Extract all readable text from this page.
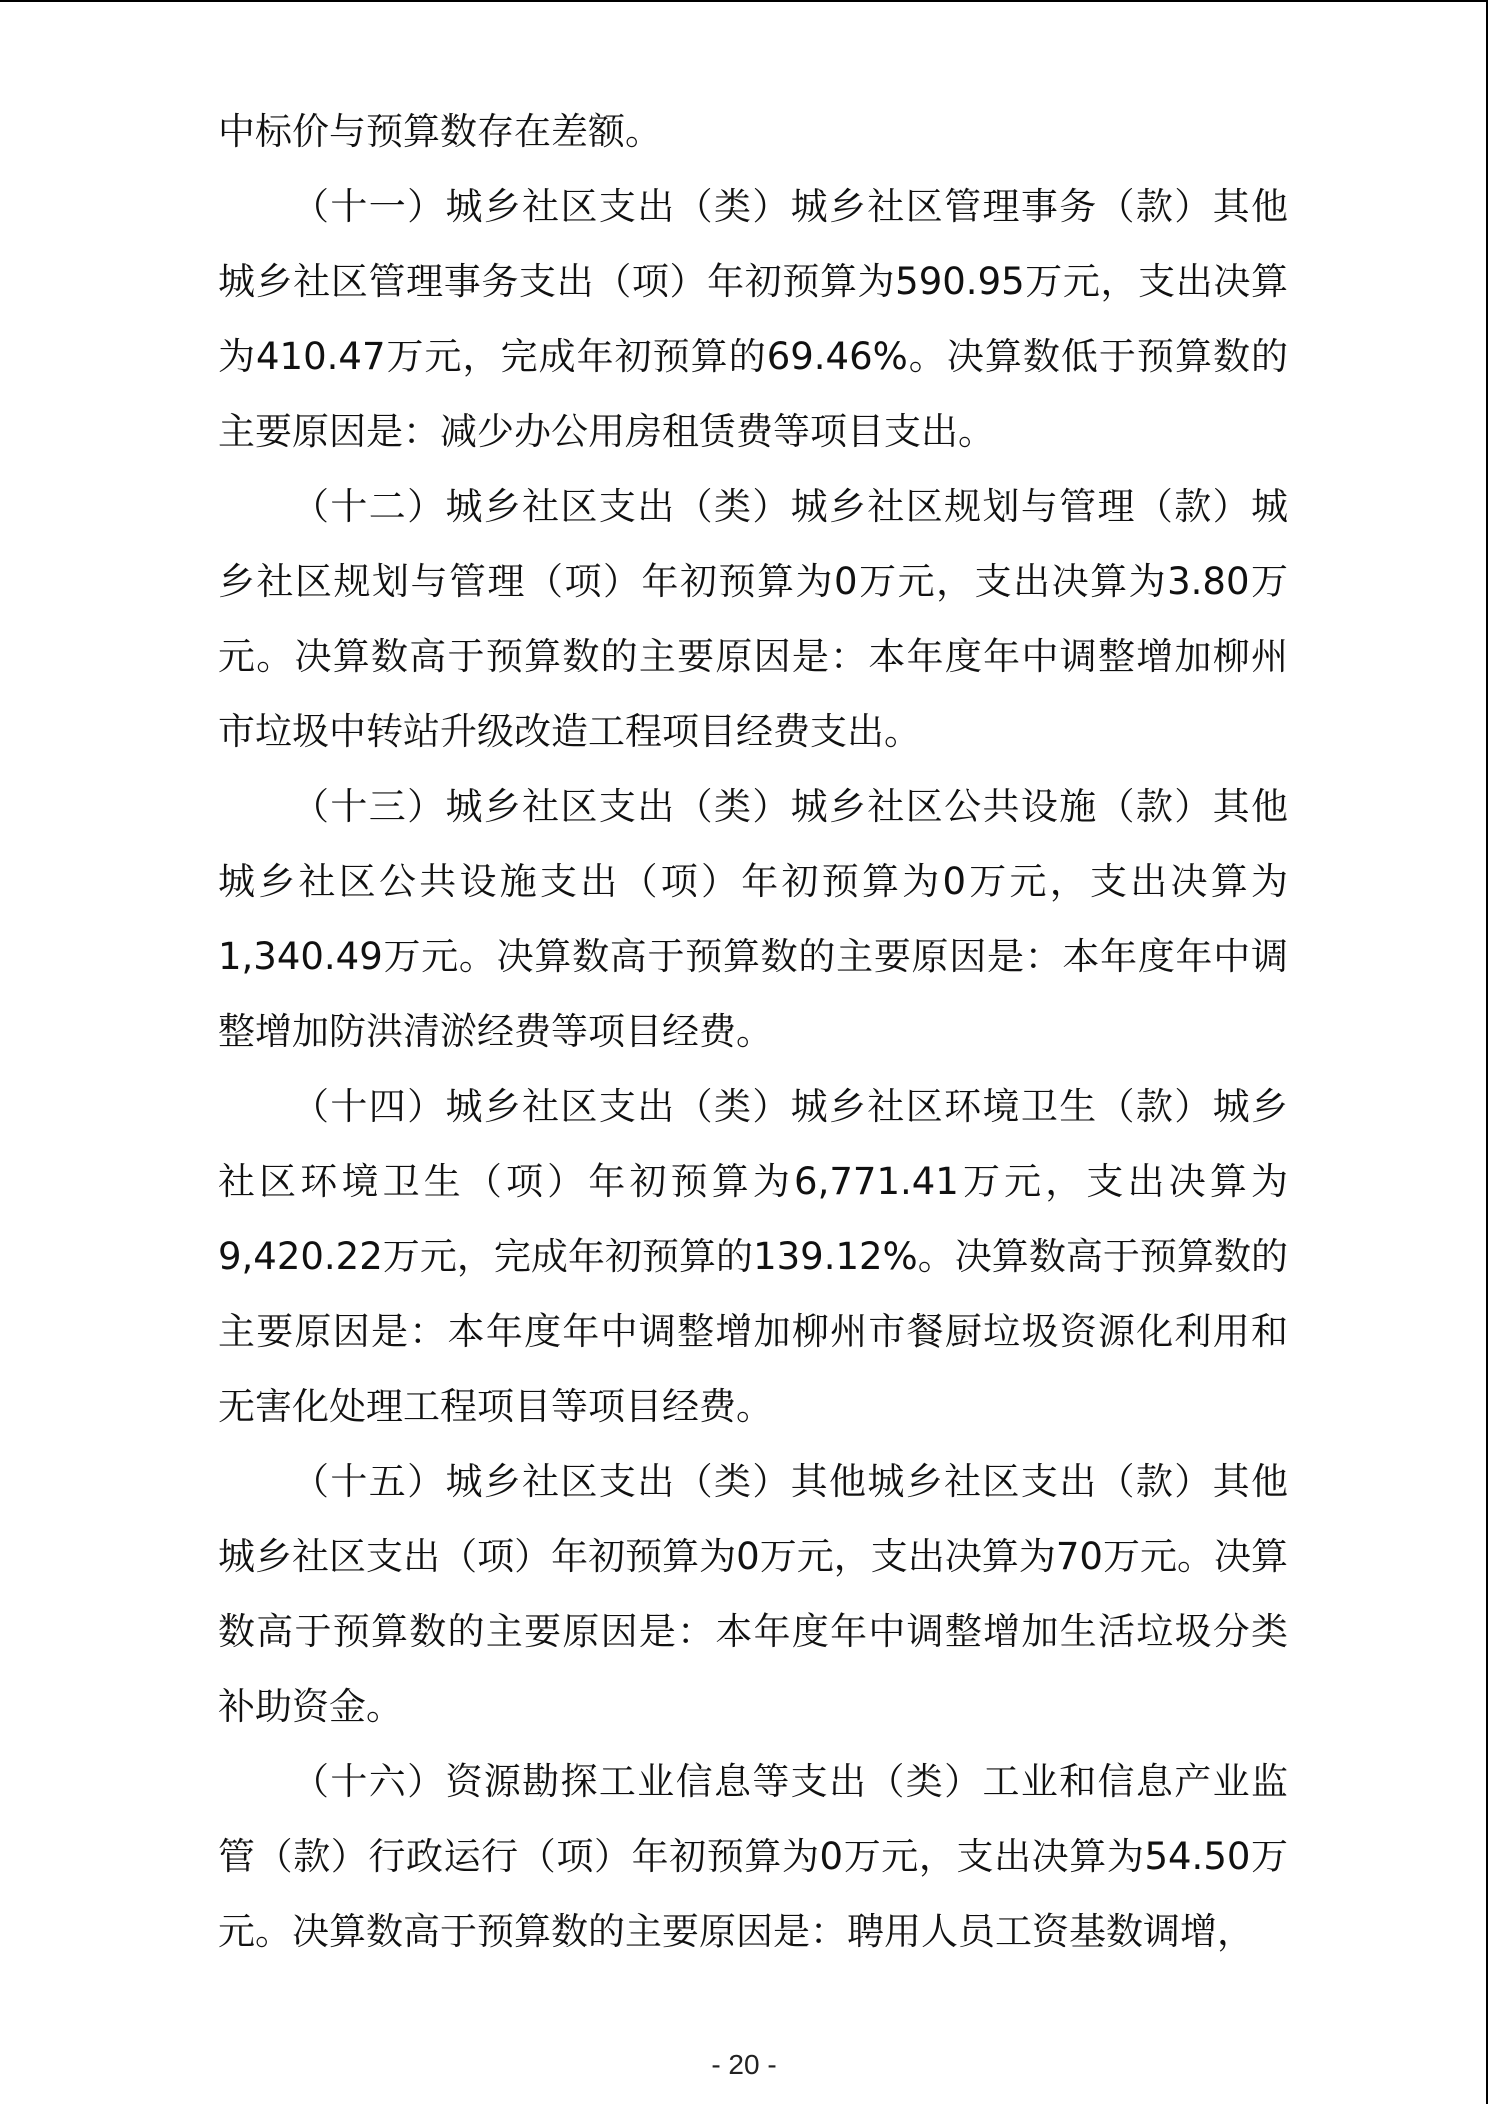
中标价与预算数存在差额。

（十一）城乡社区支出（类）城乡社区管理事务（款）其他城乡社区管理事务支出（项）年初预算为590.95万元，支出决算为410.47万元，完成年初预算的69.46%。决算数低于预算数的主要原因是：减少办公用房租赁费等项目支出。

（十二）城乡社区支出（类）城乡社区规划与管理（款）城乡社区规划与管理（项）年初预算为0万元，支出决算为3.80万元。决算数高于预算数的主要原因是：本年度年中调整增加柳州市垃圾中转站升级改造工程项目经费支出。

（十三）城乡社区支出（类）城乡社区公共设施（款）其他城乡社区公共设施支出（项）年初预算为0万元，支出决算为1,340.49万元。决算数高于预算数的主要原因是：本年度年中调整增加防洪清淤经费等项目经费。

（十四）城乡社区支出（类）城乡社区环境卫生（款）城乡社区环境卫生（项）年初预算为6,771.41万元，支出决算为9,420.22万元，完成年初预算的139.12%。决算数高于预算数的主要原因是：本年度年中调整增加柳州市餐厨垃圾资源化利用和无害化处理工程项目等项目经费。

（十五）城乡社区支出（类）其他城乡社区支出（款）其他城乡社区支出（项）年初预算为0万元，支出决算为70万元。决算数高于预算数的主要原因是：本年度年中调整增加生活垃圾分类补助资金。

（十六）资源勘探工业信息等支出（类）工业和信息产业监管（款）行政运行（项）年初预算为0万元，支出决算为54.50万元。决算数高于预算数的主要原因是：聘用人员工资基数调增，

- 20 -
